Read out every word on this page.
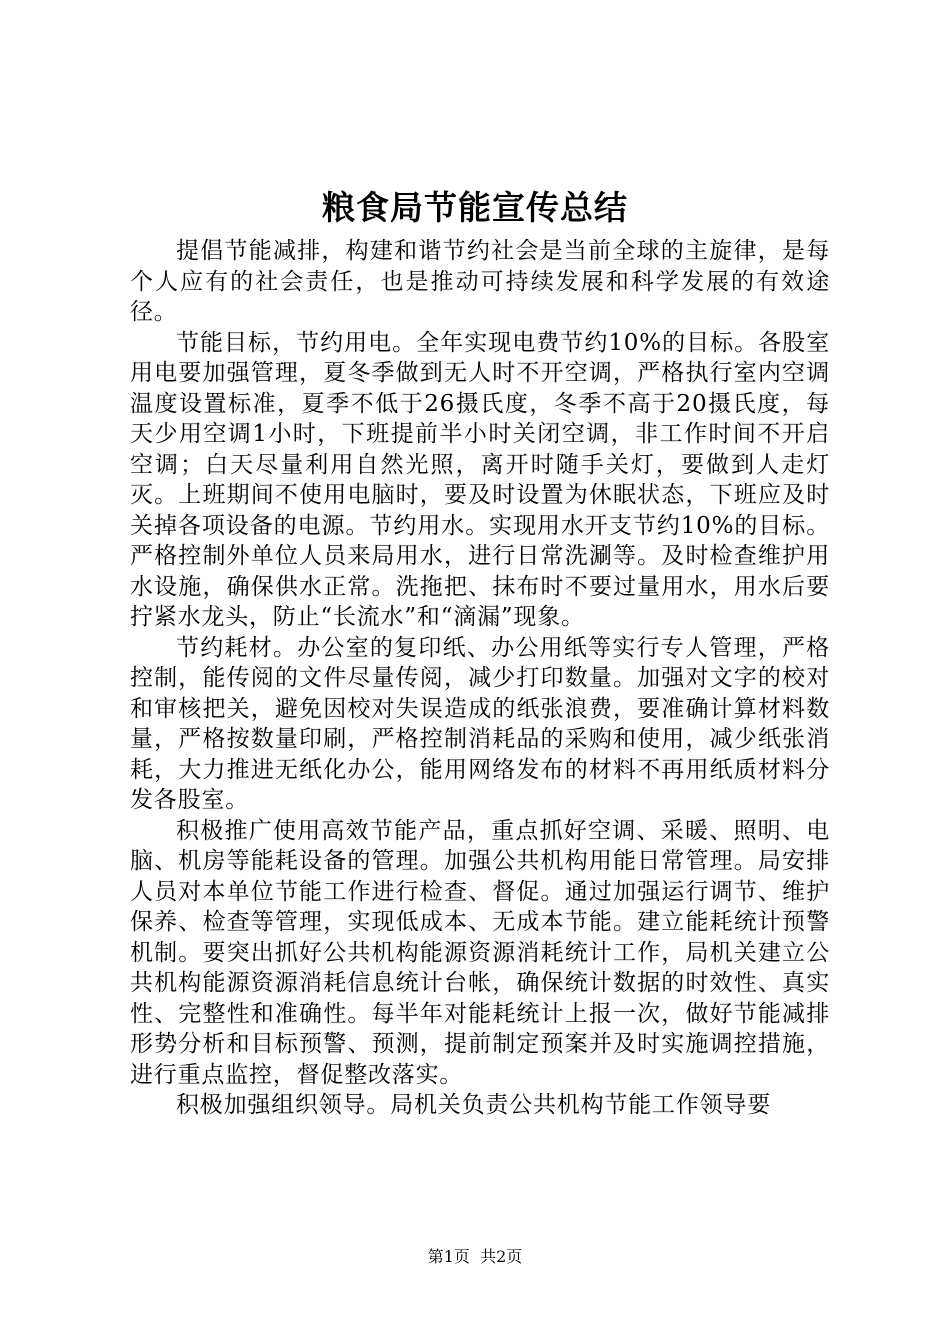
粮食局节能宣传总结

提倡节能减排，构建和谐节约社会是当前全球的主旋律，是每个人应有的社会责任，也是推动可持续发展和科学发展的有效途径。

节能目标，节约用电。全年实现电费节约10%的目标。各股室用电要加强管理，夏冬季做到无人时不开空调，严格执行室内空调温度设置标准，夏季不低于26摄氏度，冬季不高于20摄氏度，每天少用空调1小时，下班提前半小时关闭空调，非工作时间不开启空调；白天尽量利用自然光照，离开时随手关灯，要做到人走灯灭。上班期间不使用电脑时，要及时设置为休眠状态，下班应及时关掉各项设备的电源。节约用水。实现用水开支节约10%的目标。严格控制外单位人员来局用水，进行日常洗涮等。及时检查维护用水设施，确保供水正常。洗拖把、抹布时不要过量用水，用水后要拧紧水龙头，防止“长流水”和“滴漏”现象。

节约耗材。办公室的复印纸、办公用纸等实行专人管理，严格控制，能传阅的文件尽量传阅，减少打印数量。加强对文字的校对和审核把关，避免因校对失误造成的纸张浪费，要准确计算材料数量，严格按数量印刷，严格控制消耗品的采购和使用，减少纸张消耗，大力推进无纸化办公，能用网络发布的材料不再用纸质材料分发各股室。

积极推广使用高效节能产品，重点抓好空调、采暖、照明、电脑、机房等能耗设备的管理。加强公共机构用能日常管理。局安排人员对本单位节能工作进行检查、督促。通过加强运行调节、维护保养、检查等管理，实现低成本、无成本节能。建立能耗统计预警机制。要突出抓好公共机构能源资源消耗统计工作，局机关建立公共机构能源资源消耗信息统计台帐，确保统计数据的时效性、真实性、完整性和准确性。每半年对能耗统计上报一次，做好节能减排形势分析和目标预警、预测，提前制定预案并及时实施调控措施，进行重点监控，督促整改落实。

积极加强组织领导。局机关负责公共机构节能工作领导要

第1页  共2页
